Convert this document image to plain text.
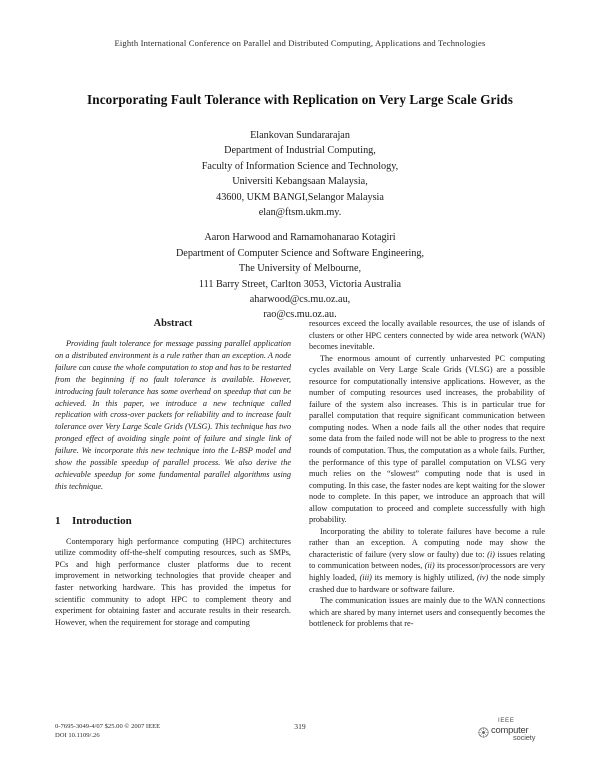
Eighth International Conference on Parallel and Distributed Computing, Applications and Technologies
Incorporating Fault Tolerance with Replication on Very Large Scale Grids
Elankovan Sundararajan
Department of Industrial Computing,
Faculty of Information Science and Technology,
Universiti Kebangsaan Malaysia,
43600, UKM BANGI,Selangor Malaysia
elan@ftsm.ukm.my.
Aaron Harwood and Ramamohanarao Kotagiri
Department of Computer Science and Software Engineering,
The University of Melbourne,
111 Barry Street, Carlton 3053, Victoria Australia
aharwood@cs.mu.oz.au,
rao@cs.mu.oz.au.
Abstract

Providing fault tolerance for message passing parallel application on a distributed environment is a rule rather than an exception. A node failure can cause the whole computation to stop and has to be restarted from the beginning if no fault tolerance is available. However, introducing fault tolerance has some overhead on speedup that can be achieved. In this paper, we introduce a new technique called replication with cross-over packets for reliability and to increase fault tolerance over Very Large Scale Grids (VLSG). This technique has two pronged effect of avoiding single point of failure and single link of failure. We incorporate this new technique into the L-BSP model and show the possible speedup of parallel process. We also derive the achievable speedup for some fundamental parallel algorithms using this technique.

1 Introduction

Contemporary high performance computing (HPC) architectures utilize commodity off-the-shelf computing resources, such as SMPs, PCs and high performance cluster platforms due to recent improvement in networking technologies that provide cheaper and faster networking hardware. This has provided the impetus for scientific community to adopt HPC to complement theory and experiment for obtaining faster and accurate results in their research. However, when the requirement for storage and computing

resources exceed the locally available resources, the use of islands of clusters or other HPC centers connected by wide area network (WAN) becomes inevitable.

The enormous amount of currently unharvested PC computing cycles available on Very Large Scale Grids (VLSG) are a possible resource for computationally intensive applications. However, as the number of computing resources used increases, the probability of failure of the system also increases. This is in particular true for parallel computation that require significant communication between computing nodes. When a node fails all the other nodes that require some data from the failed node will not be able to progress to the next rounds of computation. Thus, the computation as a whole fails. Further, the performance of this type of parallel computation on VLSG very much relies on the “slowest” computing node that is used in computing. In this case, the faster nodes are kept waiting for the slower node to complete. In this paper, we introduce an approach that will allow computation to proceed and complete successfully with high probability.

Incorporating the ability to tolerate failures have become a rule rather than an exception. A computing node may show the characteristic of failure (very slow or faulty) due to: (i) issues relating to communication between nodes, (ii) its processor/processors are very highly loaded, (iii) its memory is highly utilized, (iv) the node simply crashed due to hardware or software failure.

The communication issues are mainly due to the WAN connections which are shared by many internet users and consequently becomes the bottleneck for problems that re-

0-7695-3049-4/07 $25.00 © 2007 IEEE
DOI 10.1109/.26
319
IEEE
computer
society
